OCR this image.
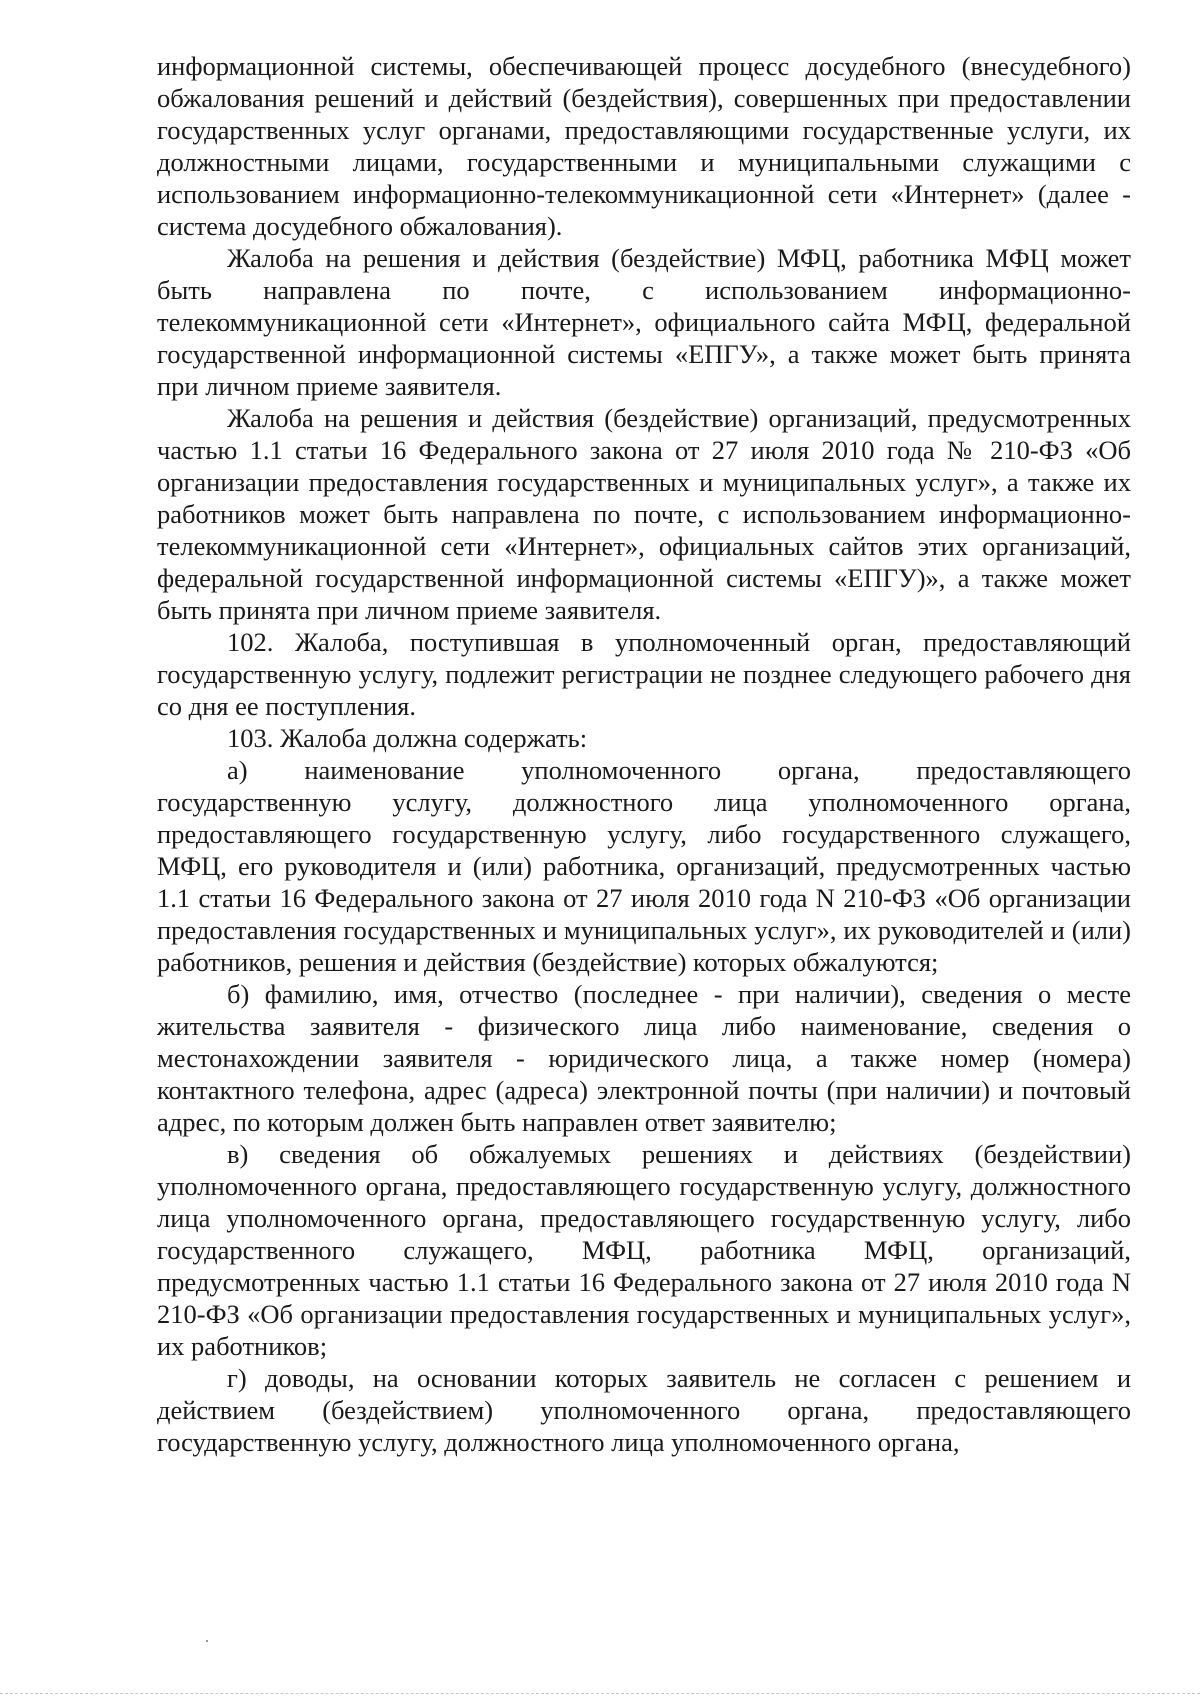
информационной системы, обеспечивающей процесс досудебного (внесудебного) обжалования решений и действий (бездействия), совершенных при предоставлении государственных услуг органами, предоставляющими государственные услуги, их должностными лицами, государственными и муниципальными служащими с использованием информационно-телекоммуникационной сети «Интернет» (далее - система досудебного обжалования).

Жалоба на решения и действия (бездействие) МФЦ, работника МФЦ может быть направлена по почте, с использованием информационно-телекоммуникационной сети «Интернет», официального сайта МФЦ, федеральной государственной информационной системы «ЕПГУ», а также может быть принята при личном приеме заявителя.

Жалоба на решения и действия (бездействие) организаций, предусмотренных частью 1.1 статьи 16 Федерального закона от 27 июля 2010 года № 210-ФЗ «Об организации предоставления государственных и муниципальных услуг», а также их работников может быть направлена по почте, с использованием информационно-телекоммуникационной сети «Интернет», официальных сайтов этих организаций, федеральной государственной информационной системы «ЕПГУ)», а также может быть принята при личном приеме заявителя.

102. Жалоба, поступившая в уполномоченный орган, предоставляющий государственную услугу, подлежит регистрации не позднее следующего рабочего дня со дня ее поступления.

103. Жалоба должна содержать:

а) наименование уполномоченного органа, предоставляющего государственную услугу, должностного лица уполномоченного органа, предоставляющего государственную услугу, либо государственного служащего, МФЦ, его руководителя и (или) работника, организаций, предусмотренных частью 1.1 статьи 16 Федерального закона от 27 июля 2010 года N 210-ФЗ «Об организации предоставления государственных и муниципальных услуг», их руководителей и (или) работников, решения и действия (бездействие) которых обжалуются;

б) фамилию, имя, отчество (последнее - при наличии), сведения о месте жительства заявителя - физического лица либо наименование, сведения о местонахождении заявителя - юридического лица, а также номер (номера) контактного телефона, адрес (адреса) электронной почты (при наличии) и почтовый адрес, по которым должен быть направлен ответ заявителю;

в) сведения об обжалуемых решениях и действиях (бездействии) уполномоченного органа, предоставляющего государственную услугу, должностного лица уполномоченного органа, предоставляющего государственную услугу, либо государственного служащего, МФЦ, работника МФЦ, организаций, предусмотренных частью 1.1 статьи 16 Федерального закона от 27 июля 2010 года N 210-ФЗ «Об организации предоставления государственных и муниципальных услуг», их работников;

г) доводы, на основании которых заявитель не согласен с решением и действием (бездействием) уполномоченного органа, предоставляющего государственную услугу, должностного лица уполномоченного органа,
